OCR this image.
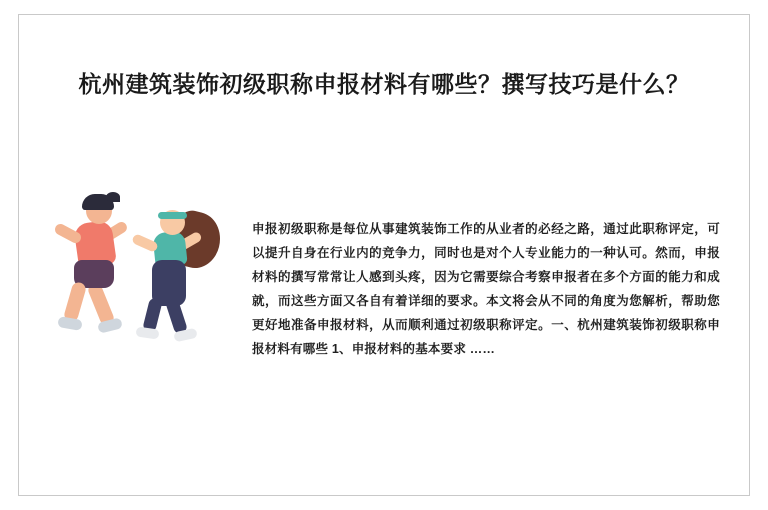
杭州建筑装饰初级职称申报材料有哪些？撰写技巧是什么？

申报初级职称是每位从事建筑装饰工作的从业者的必经之路，通过此职称评定，可以提升自身在行业内的竞争力，同时也是对个人专业能力的一种认可。然而，申报材料的撰写常常让人感到头疼，因为它需要综合考察申报者在多个方面的能力和成就，而这些方面又各自有着详细的要求。本文将会从不同的角度为您解析，帮助您更好地准备申报材料，从而顺利通过初级职称评定。一、杭州建筑装饰初级职称申报材料有哪些 1、申报材料的基本要求 ……
